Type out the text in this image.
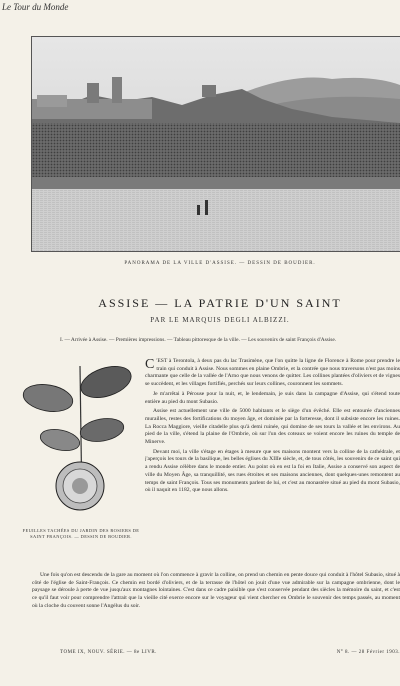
Le Tour du Monde
PANORAMA DE LA VILLE D'ASSISE. — DESSIN DE BOUDIER.
ASSISE — LA PATRIE D'UN SAINT
PAR LE MARQUIS DEGLI ALBIZZI.
I. — Arrivée à Assise. — Premières impressions. — Tableau pittoresque de la ville. — Les souvenirs de saint François d'Assise.
FEUILLES TACHÉES DU JARDIN DES ROSIERS DE SAINT FRANÇOIS. — DESSIN DE BOUDIER.

C 'EST à Terontola, à deux pas du lac Trasimène, que l'on quitte la ligne de Florence à Rome pour prendre le train qui conduit à Assise. Nous sommes en plaine Ombrie, et la contrée que nous traversons n'est pas moins charmante que celle de la vallée de l'Arno que nous venons de quitter. Les collines plantées d'oliviers et de vignes se succèdent, et les villages fortifiés, perchés sur leurs collines, couronnent les sommets.

Je m'arrêtai à Pérouse pour la nuit, et, le lendemain, je suis dans la campagne d'Assise, qui s'étend toute entière au pied du mont Subasio.

Assise est actuellement une ville de 5000 habitants et le siège d'un évêché. Elle est entourée d'anciennes murailles, restes des fortifications du moyen âge, et dominée par la forteresse, dont il subsiste encore les ruines. La Rocca Maggiore, vieille citadelle plus qu'à demi ruinée, qui domine de ses tours la vallée et les environs. Au pied de la ville, s'étend la plaine de l'Ombrie, où sur l'un des coteaux se voient encore les ruines du temple de Minerve.

Devant moi, la ville s'étage en étages à mesure que ses maisons montent vers la colline de la cathédrale, et j'aperçois les tours de la basilique, les belles églises du XIIIe siècle, et, de tous côtés, les souvenirs de ce saint qui a rendu Assise célèbre dans le monde entier. Au point où en est la foi en Italie, Assise a conservé son aspect de ville du Moyen Âge, sa tranquillité, ses rues étroites et ses maisons anciennes, dont quelques-unes remontent au temps de saint François. Tous ses monuments parlent de lui, et c'est au monastère situé au pied du mont Subasio, où il naquit en 1182, que nous allons.

Une fois qu'on est descendu de la gare au moment où l'on commence à gravir la colline, on prend un chemin en pente douce qui conduit à l'hôtel Subasio, situé à côté de l'église de Saint-François. Ce chemin est bordé d'oliviers, et de la terrasse de l'hôtel on jouit d'une vue admirable sur la campagne ombrienne, dont le paysage se déroule à perte de vue jusqu'aux montagnes lointaines. C'est dans ce cadre paisible que s'est conservée pendant des siècles la mémoire du saint, et c'est ce qu'il faut voir pour comprendre l'attrait que la vieille cité exerce encore sur le voyageur qui vient chercher en Ombrie le souvenir des temps passés, au moment où la cloche du couvent sonne l'Angélus du soir.

TOME IX, NOUV. SÉRIE. — 8e LIVR.	N° 8. — 28 Février 1903.
